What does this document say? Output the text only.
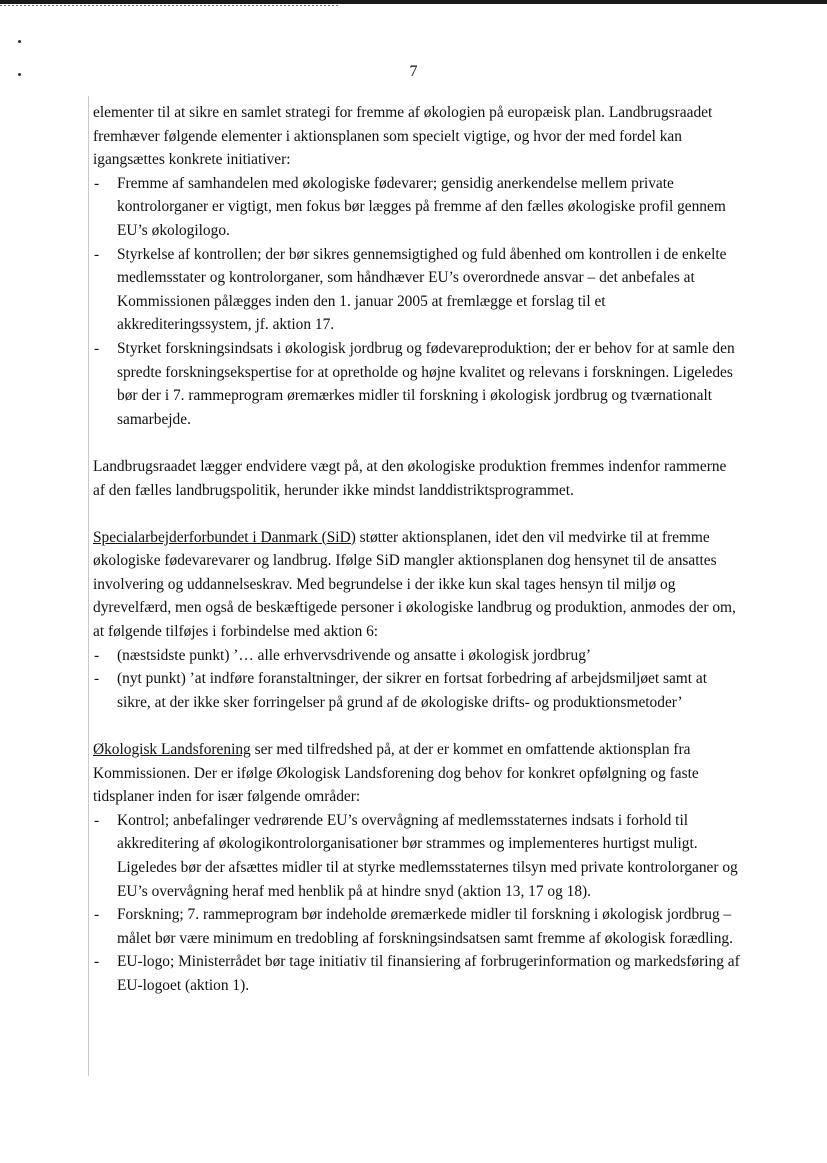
7

elementer til at sikre en samlet strategi for fremme af økologien på europæisk plan. Landbrugsraadet fremhæver følgende elementer i aktionsplanen som specielt vigtige, og hvor der med fordel kan igangsættes konkrete initiativer:

- Fremme af samhandelen med økologiske fødevarer; gensidig anerkendelse mellem private kontrolorganer er vigtigt, men fokus bør lægges på fremme af den fælles økologiske profil gennem EU’s økologilogo.
- Styrkelse af kontrollen; der bør sikres gennemsigtighed og fuld åbenhed om kontrollen i de enkelte medlemsstater og kontrolorganer, som håndhæver EU’s overordnede ansvar – det anbefales at Kommissionen pålægges inden den 1. januar 2005 at fremlægge et forslag til et akkrediteringssystem, jf. aktion 17.
- Styrket forskningsindsats i økologisk jordbrug og fødevareproduktion; der er behov for at samle den spredte forskningsekspertise for at opretholde og højne kvalitet og relevans i forskningen. Ligeledes bør der i 7. rammeprogram øremærkes midler til forskning i økologisk jordbrug og tværnationalt samarbejde.

Landbrugsraadet lægger endvidere vægt på, at den økologiske produktion fremmes indenfor rammerne af den fælles landbrugspolitik, herunder ikke mindst landdistriktsprogrammet.

Specialarbejderforbundet i Danmark (SiD) støtter aktionsplanen, idet den vil medvirke til at fremme økologiske fødevarevarer og landbrug. Ifølge SiD mangler aktionsplanen dog hensynet til de ansattes involvering og uddannelseskrav. Med begrundelse i der ikke kun skal tages hensyn til miljø og dyrevelfærd, men også de beskæftigede personer i økologiske landbrug og produktion, anmodes der om, at følgende tilføjes i forbindelse med aktion 6:

- (næstsidste punkt) ’… alle erhvervsdrivende og ansatte i økologisk jordbrug’
- (nyt punkt) ’at indføre foranstaltninger, der sikrer en fortsat forbedring af arbejdsmiljøet samt at sikre, at der ikke sker forringelser på grund af de økologiske drifts- og produktionsmetoder’

Økologisk Landsforening ser med tilfredshed på, at der er kommet en omfattende aktionsplan fra Kommissionen. Der er ifølge Økologisk Landsforening dog behov for konkret opfølgning og faste tidsplaner inden for især følgende områder:

- Kontrol; anbefalinger vedrørende EU’s overvågning af medlemsstaternes indsats i forhold til akkreditering af økologikontrolorganisationer bør strammes og implementeres hurtigst muligt. Ligeledes bør der afsættes midler til at styrke medlemsstaternes tilsyn med private kontrolorganer og EU’s overvågning heraf med henblik på at hindre snyd (aktion 13, 17 og 18).
- Forskning; 7. rammeprogram bør indeholde øremærkede midler til forskning i økologisk jordbrug – målet bør være minimum en tredobling af forskningsindsatsen samt fremme af økologisk forædling.
- EU-logo; Ministerrådet bør tage initiativ til finansiering af forbrugerinformation og markedsføring af EU-logoet (aktion 1).
